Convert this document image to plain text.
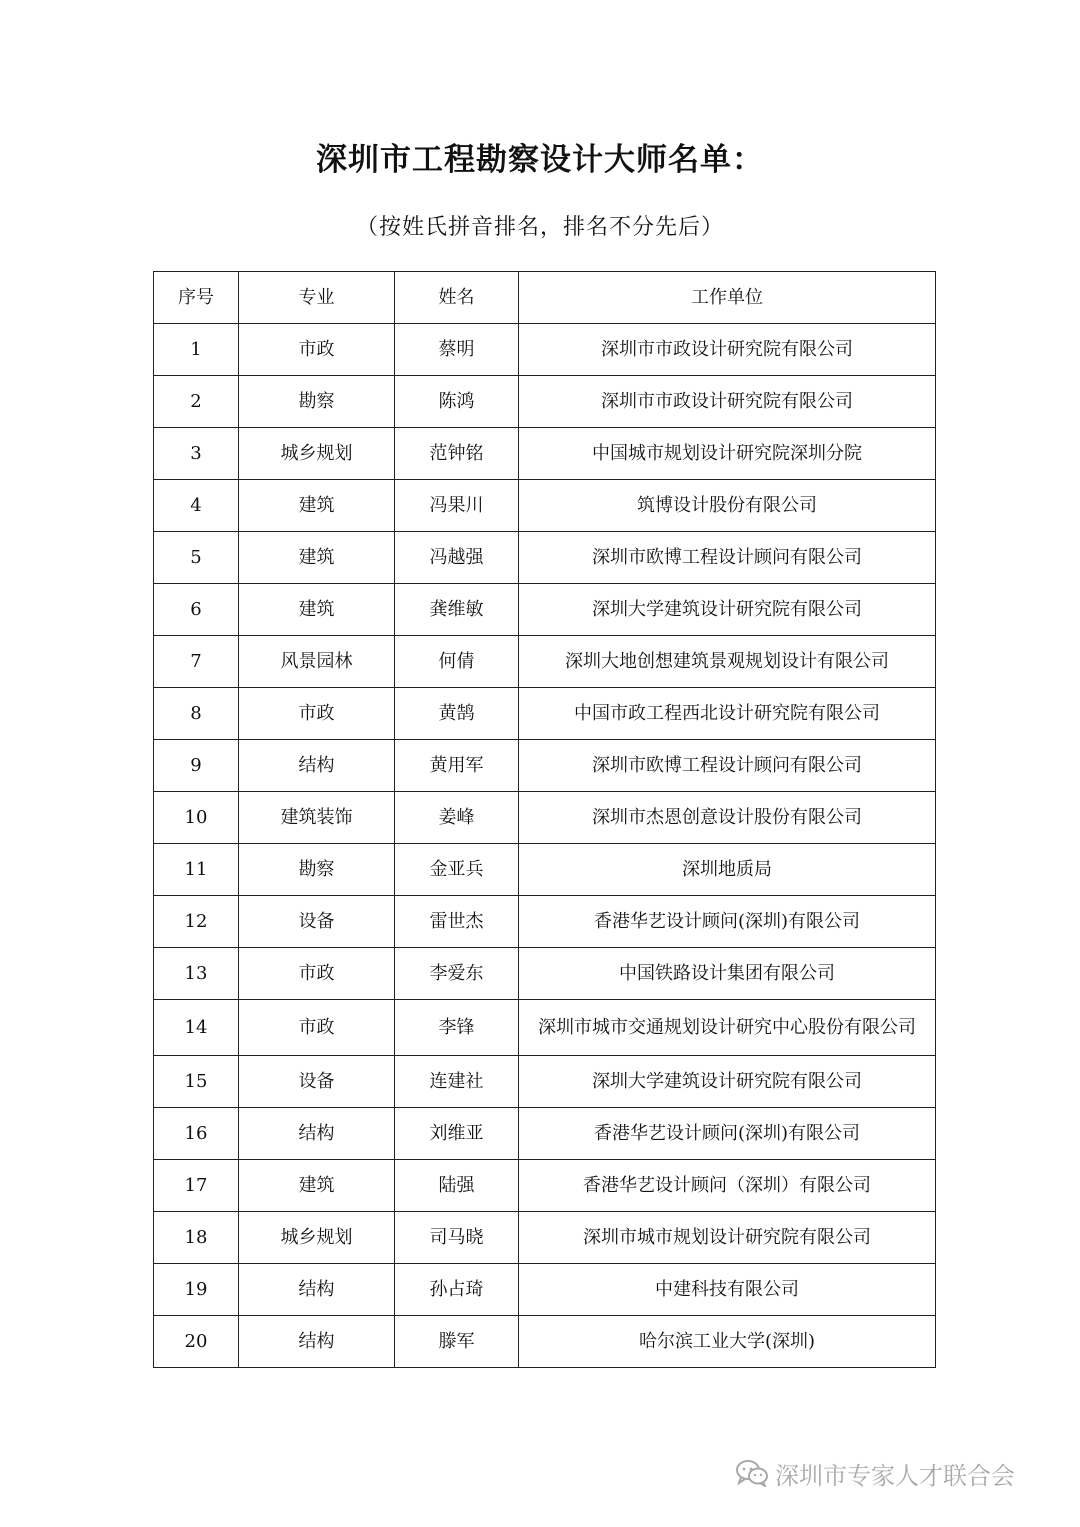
深圳市工程勘察设计大师名单：
（按姓氏拼音排名，排名不分先后）
序号	专业	姓名	工作单位
1	市政	蔡明	深圳市市政设计研究院有限公司
2	勘察	陈鸿	深圳市市政设计研究院有限公司
3	城乡规划	范钟铭	中国城市规划设计研究院深圳分院
4	建筑	冯果川	筑博设计股份有限公司
5	建筑	冯越强	深圳市欧博工程设计顾问有限公司
6	建筑	龚维敏	深圳大学建筑设计研究院有限公司
7	风景园林	何倩	深圳大地创想建筑景观规划设计有限公司
8	市政	黄鹄	中国市政工程西北设计研究院有限公司
9	结构	黄用军	深圳市欧博工程设计顾问有限公司
10	建筑装饰	姜峰	深圳市杰恩创意设计股份有限公司
11	勘察	金亚兵	深圳地质局
12	设备	雷世杰	香港华艺设计顾问(深圳)有限公司
13	市政	李爱东	中国铁路设计集团有限公司
14	市政	李锋	深圳市城市交通规划设计研究中心股份有限公司
15	设备	连建社	深圳大学建筑设计研究院有限公司
16	结构	刘维亚	香港华艺设计顾问(深圳)有限公司
17	建筑	陆强	香港华艺设计顾问（深圳）有限公司
18	城乡规划	司马晓	深圳市城市规划设计研究院有限公司
19	结构	孙占琦	中建科技有限公司
20	结构	滕军	哈尔滨工业大学(深圳)
深圳市专家人才联合会
